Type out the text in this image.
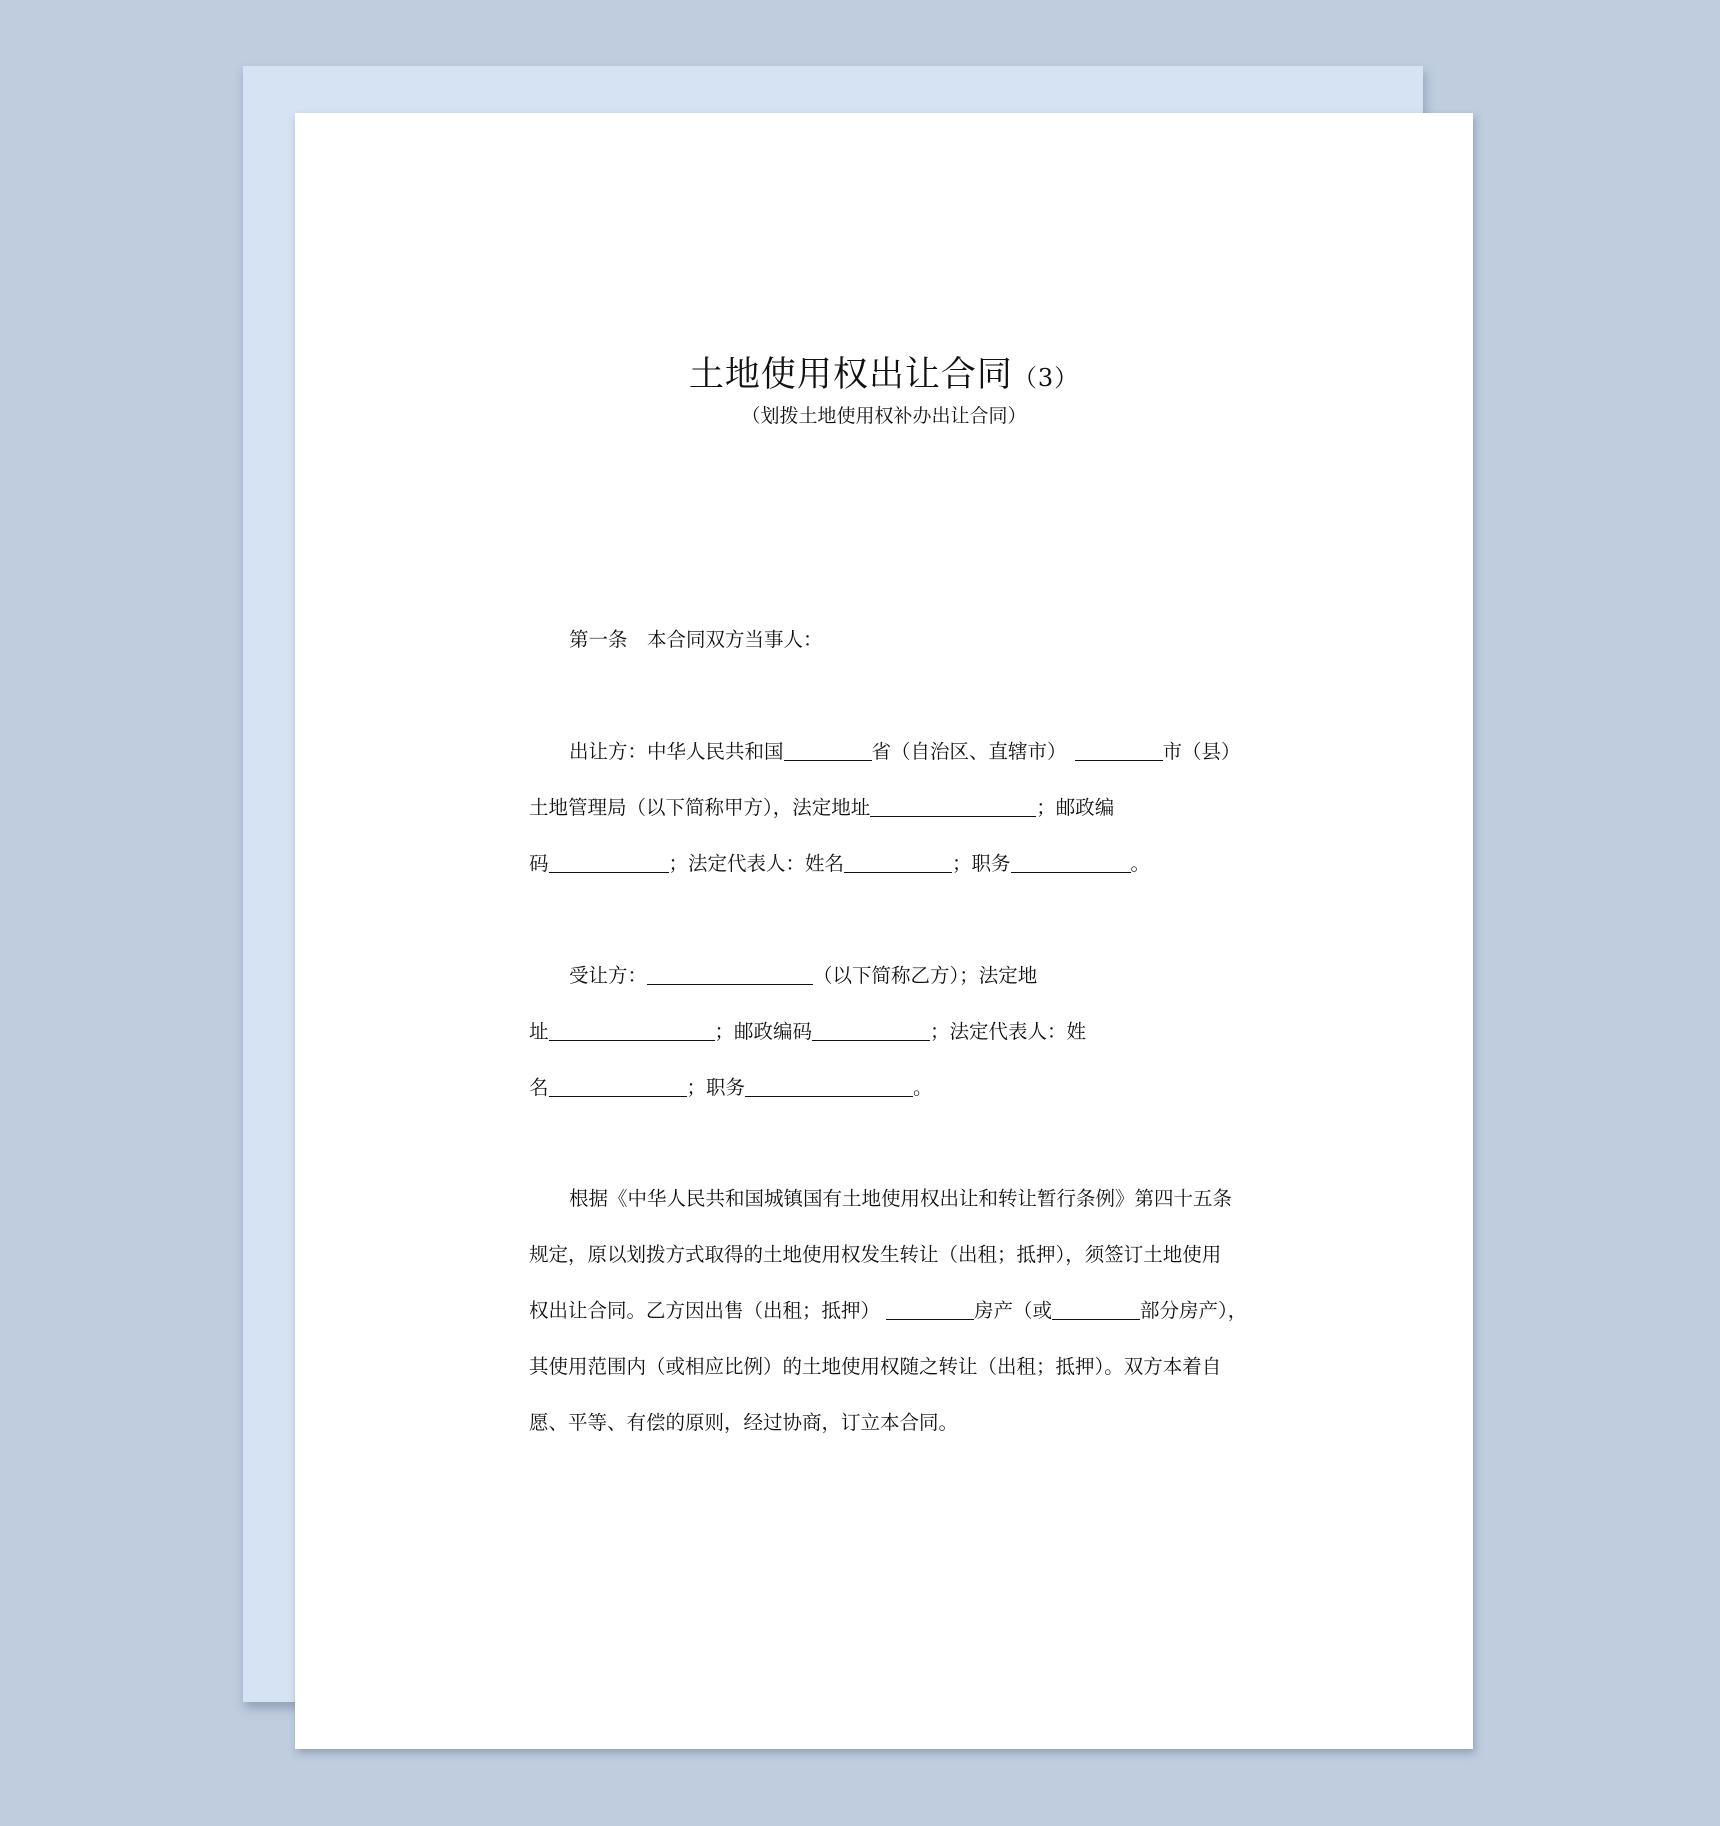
土地使用权出让合同（3）
（划拨土地使用权补办出让合同）
第一条　本合同双方当事人：
出让方：中华人民共和国	省（自治区、直辖市）	市（县）
土地管理局（以下简称甲方），法定地址	；邮政编
码	；法定代表人：姓名	；职务	。
受让方：	（以下简称乙方）；法定地
址	；邮政编码	；法定代表人：姓
名	；职务	。
根据《中华人民共和国城镇国有土地使用权出让和转让暂行条例》第四十五条
规定，原以划拨方式取得的土地使用权发生转让（出租；抵押），须签订土地使用
权出让合同。乙方因出售（出租；抵押）	房产（或	部分房产），
其使用范围内（或相应比例）的土地使用权随之转让（出租；抵押）。双方本着自
愿、平等、有偿的原则，经过协商，订立本合同。
